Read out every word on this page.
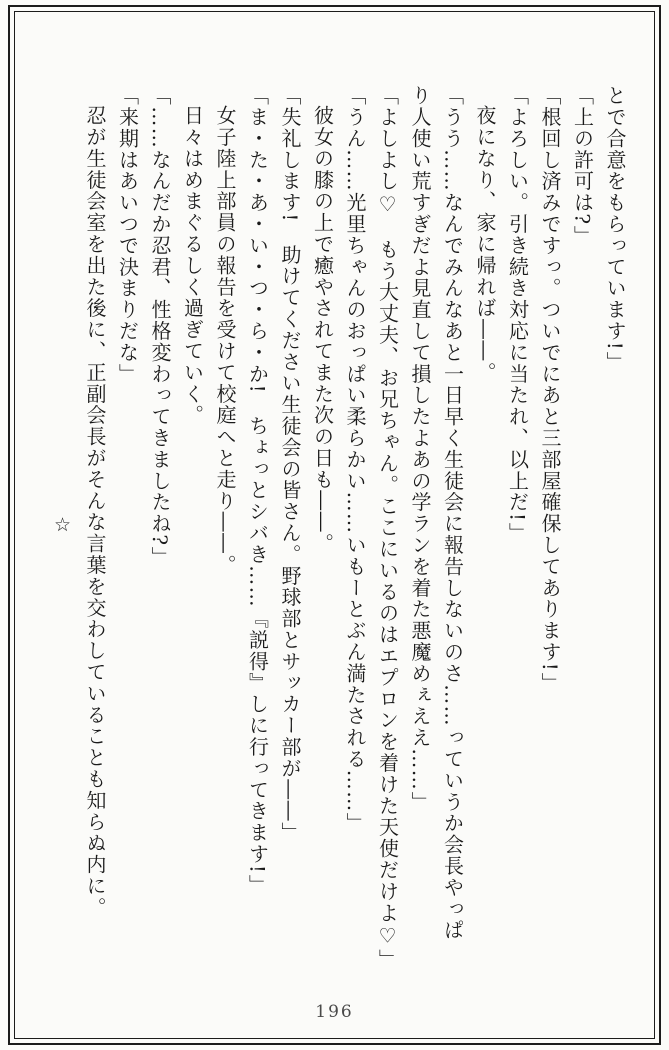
とで合意をもらっています!」

「上の許可は?」

「根回し済みですっ。ついでにあと三部屋確保してあります!」

「よろしい。引き続き対応に当たれ、以上だ!」

夜になり、家に帰れば――。

「うう……なんでみんなあと一日早く生徒会に報告しないのさ……っていうか会長やっぱ

り人使い荒すぎだよ見直して損したよあの学ランを着た悪魔めぇええ……」

「よしよし♡　もう大丈夫、お兄ちゃん。ここにいるのはエプロンを着けた天使だけよ♡」

「うん……光里ちゃんのおっぱい柔らかい……いもーとぶん満たされる……」

彼女の膝の上で癒やされてまた次の日も――。

「失礼します!　助けてください生徒会の皆さん。野球部とサッカー部が――」

「ま・た・あ・い・つ・ら・か!　ちょっとシバき……『説得』しに行ってきます!」

女子陸上部員の報告を受けて校庭へと走り――。

日々はめまぐるしく過ぎていく。

「……なんだか忍君、性格変わってきましたね?」

「来期はあいつで決まりだな」

忍が生徒会室を出た後に、正副会長がそんな言葉を交わしていることも知らぬ内に。

☆

196
